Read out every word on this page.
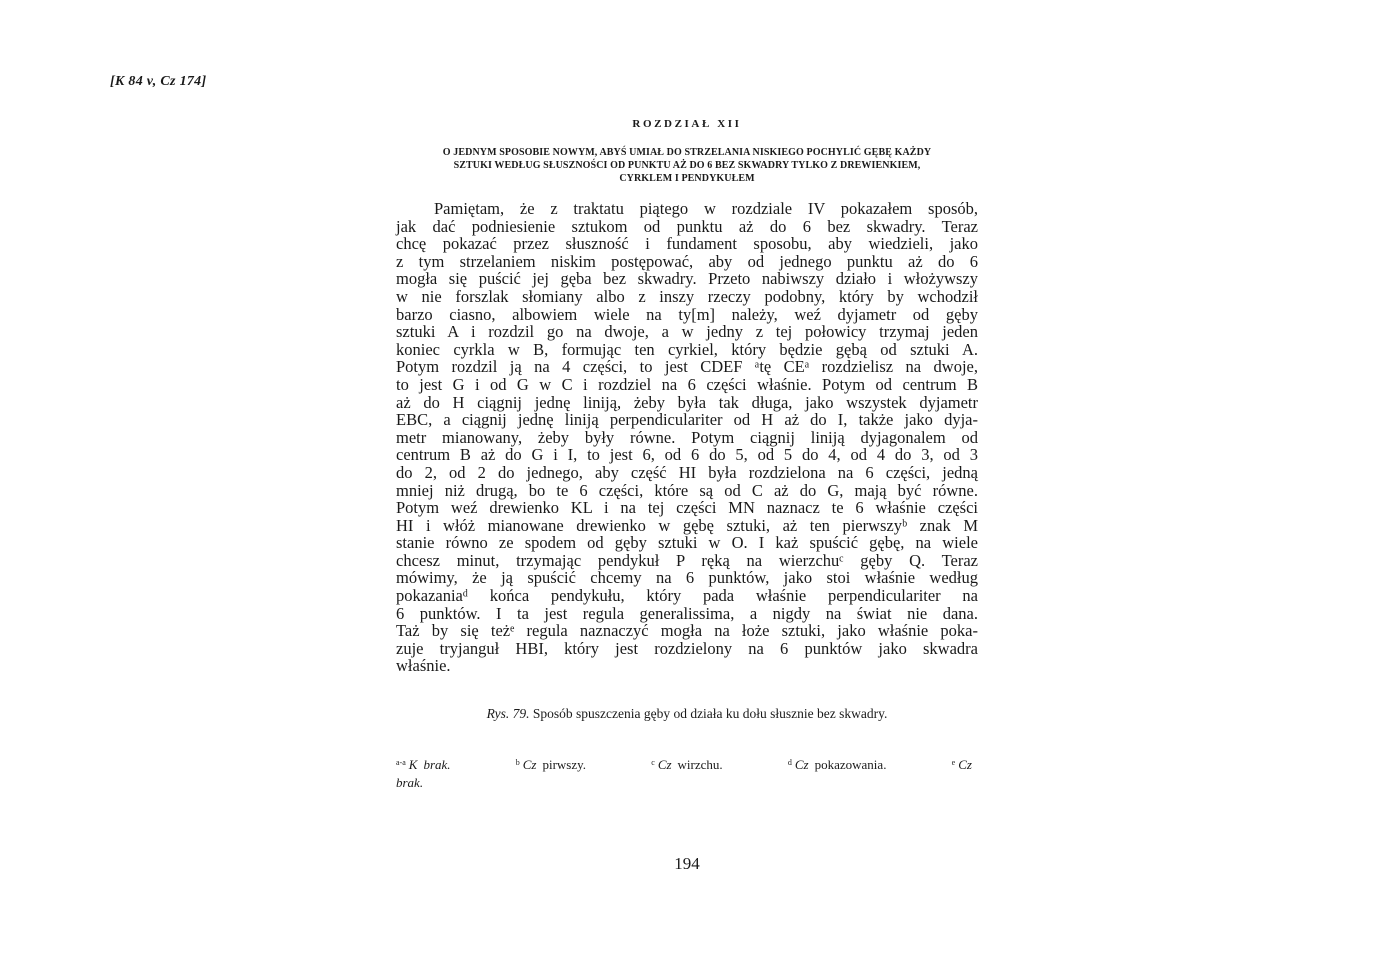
[K 84 v, Cz 174]
ROZDZIAŁ XII
O JEDNYM SPOSOBIE NOWYM, ABYŚ UMIAŁ DO STRZELANIA NISKIEGO POCHYLIĆ GĘBĘ KAŻDY
SZTUKI WEDŁUG SŁUSZNOŚCI OD PUNKTU AŻ DO 6 BEZ SKWADRY TYLKO Z DREWIENKIEM,
CYRKLEM I PENDYKUŁEM
Pamiętam, że z traktatu piątego w rozdziale IV pokazałem sposób,
jak dać podniesienie sztukom od punktu aż do 6 bez skwadry. Teraz
chcę pokazać przez słuszność i fundament sposobu, aby wiedzieli, jako
z tym strzelaniem niskim postępować, aby od jednego punktu aż do 6
mogła się puścić jej gęba bez skwadry. Przeto nabiwszy działo i włożywszy
w nie forszlak słomiany albo z inszy rzeczy podobny, który by wchodził
barzo ciasno, albowiem wiele na ty[m] należy, weź dyjametr od gęby
sztuki A i rozdzil go na dwoje, a w jedny z tej połowicy trzymaj jeden
koniec cyrkla w B, formując ten cyrkiel, który będzie gębą od sztuki A.
Potym rozdzil ją na 4 części, to jest CDEF ᵃtę CEᵃ rozdzielisz na dwoje,
to jest G i od G w C i rozdziel na 6 części właśnie. Potym od centrum B
aż do H ciągnij jednę liniją, żeby była tak długa, jako wszystek dyjametr
EBC, a ciągnij jednę liniją perpendiculariter od H aż do I, także jako dyja-
metr mianowany, żeby były równe. Potym ciągnij liniją dyjagonalem od
centrum B aż do G i I, to jest 6, od 6 do 5, od 5 do 4, od 4 do 3, od 3
do 2, od 2 do jednego, aby część HI była rozdzielona na 6 części, jedną
mniej niż drugą, bo te 6 części, które są od C aż do G, mają być równe.
Potym weź drewienko KL i na tej części MN naznacz te 6 właśnie części
HI i włóż mianowane drewienko w gębę sztuki, aż ten pierwszyᵇ znak M
stanie równo ze spodem od gęby sztuki w O. I każ spuścić gębę, na wiele
chcesz minut, trzymając pendykuł P ręką na wierzchuᶜ gęby Q. Teraz
mówimy, że ją spuścić chcemy na 6 punktów, jako stoi właśnie według
pokazaniaᵈ końca pendykułu, który pada właśnie perpendiculariter na
6 punktów. I ta jest regula generalissima, a nigdy na świat nie dana.
Taż by się teżᵉ regula naznaczyć mogła na łoże sztuki, jako właśnie poka-
zuje tryjanguł HBI, który jest rozdzielony na 6 punktów jako skwadra
właśnie.
Rys. 79. Sposób spuszczenia gęby od działa ku dołu słusznie bez skwadry.
$^{a-a}$ K brak.	$^b$ Cz pirwszy.	$^c$ Cz wirzchu.	$^d$ Cz pokazowania.	$^e$ Cz
brak.
194
